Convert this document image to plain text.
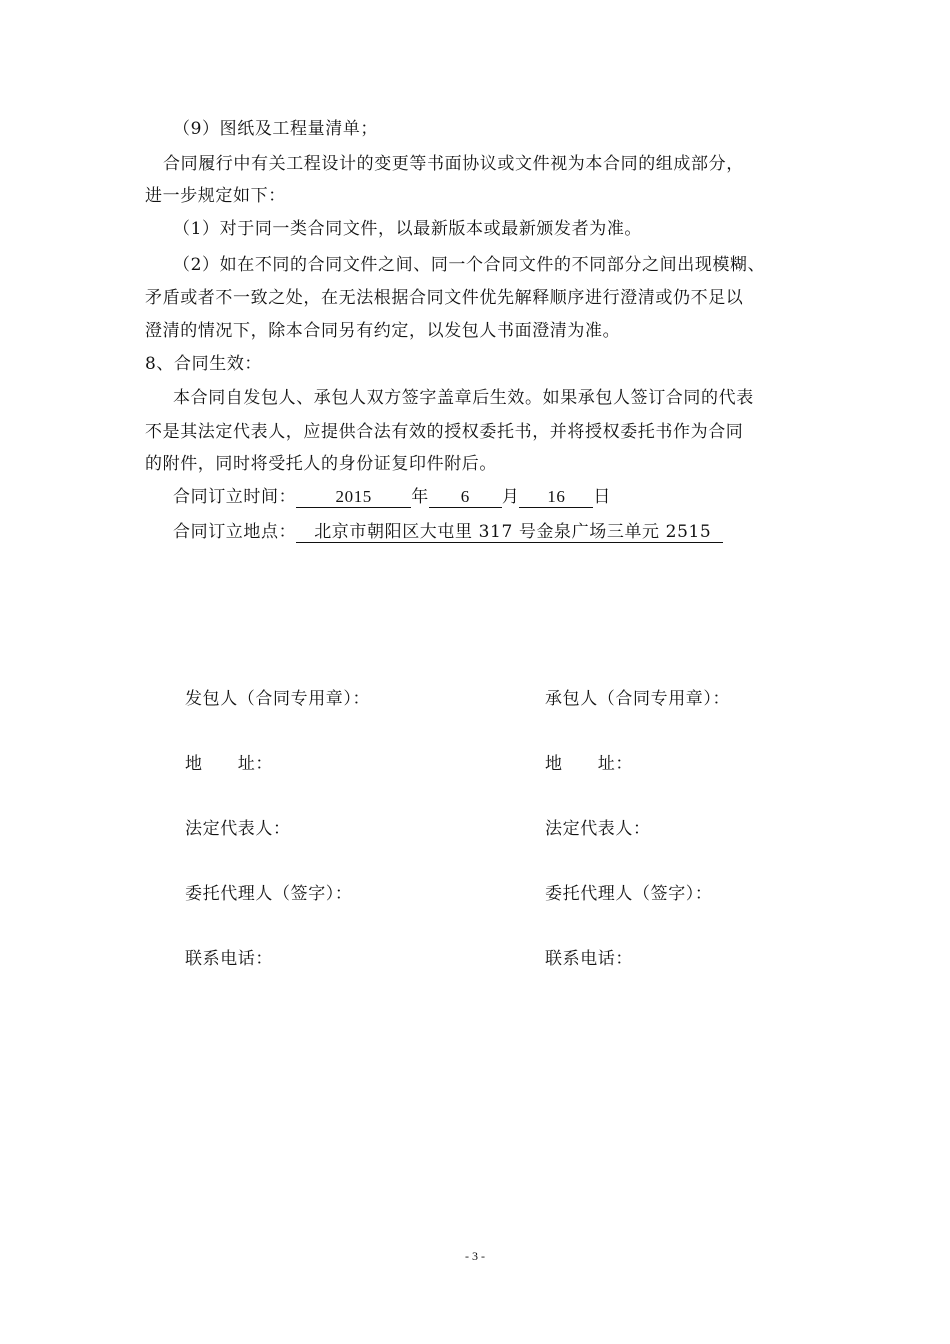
（9）图纸及工程量清单；
合同履行中有关工程设计的变更等书面协议或文件视为本合同的组成部分，
进一步规定如下：
（1）对于同一类合同文件，以最新版本或最新颁发者为准。
（2）如在不同的合同文件之间、同一个合同文件的不同部分之间出现模糊、
矛盾或者不一致之处，在无法根据合同文件优先解释顺序进行澄清或仍不足以
澄清的情况下，除本合同另有约定，以发包人书面澄清为准。
8、合同生效：
本合同自发包人、承包人双方签字盖章后生效。如果承包人签订合同的代表
不是其法定代表人，应提供合法有效的授权委托书，并将授权委托书作为合同
的附件，同时将受托人的身份证复印件附后。
合同订立时间： 2015 年 6 月 16 日
合同订立地点： 北京市朝阳区大屯里 317 号金泉广场三单元 2515
发包人（合同专用章）：
地　　址：
法定代表人：
委托代理人（签字）：
联系电话：
承包人（合同专用章）：
地　　址：
法定代表人：
委托代理人（签字）：
联系电话：
- 3 -
